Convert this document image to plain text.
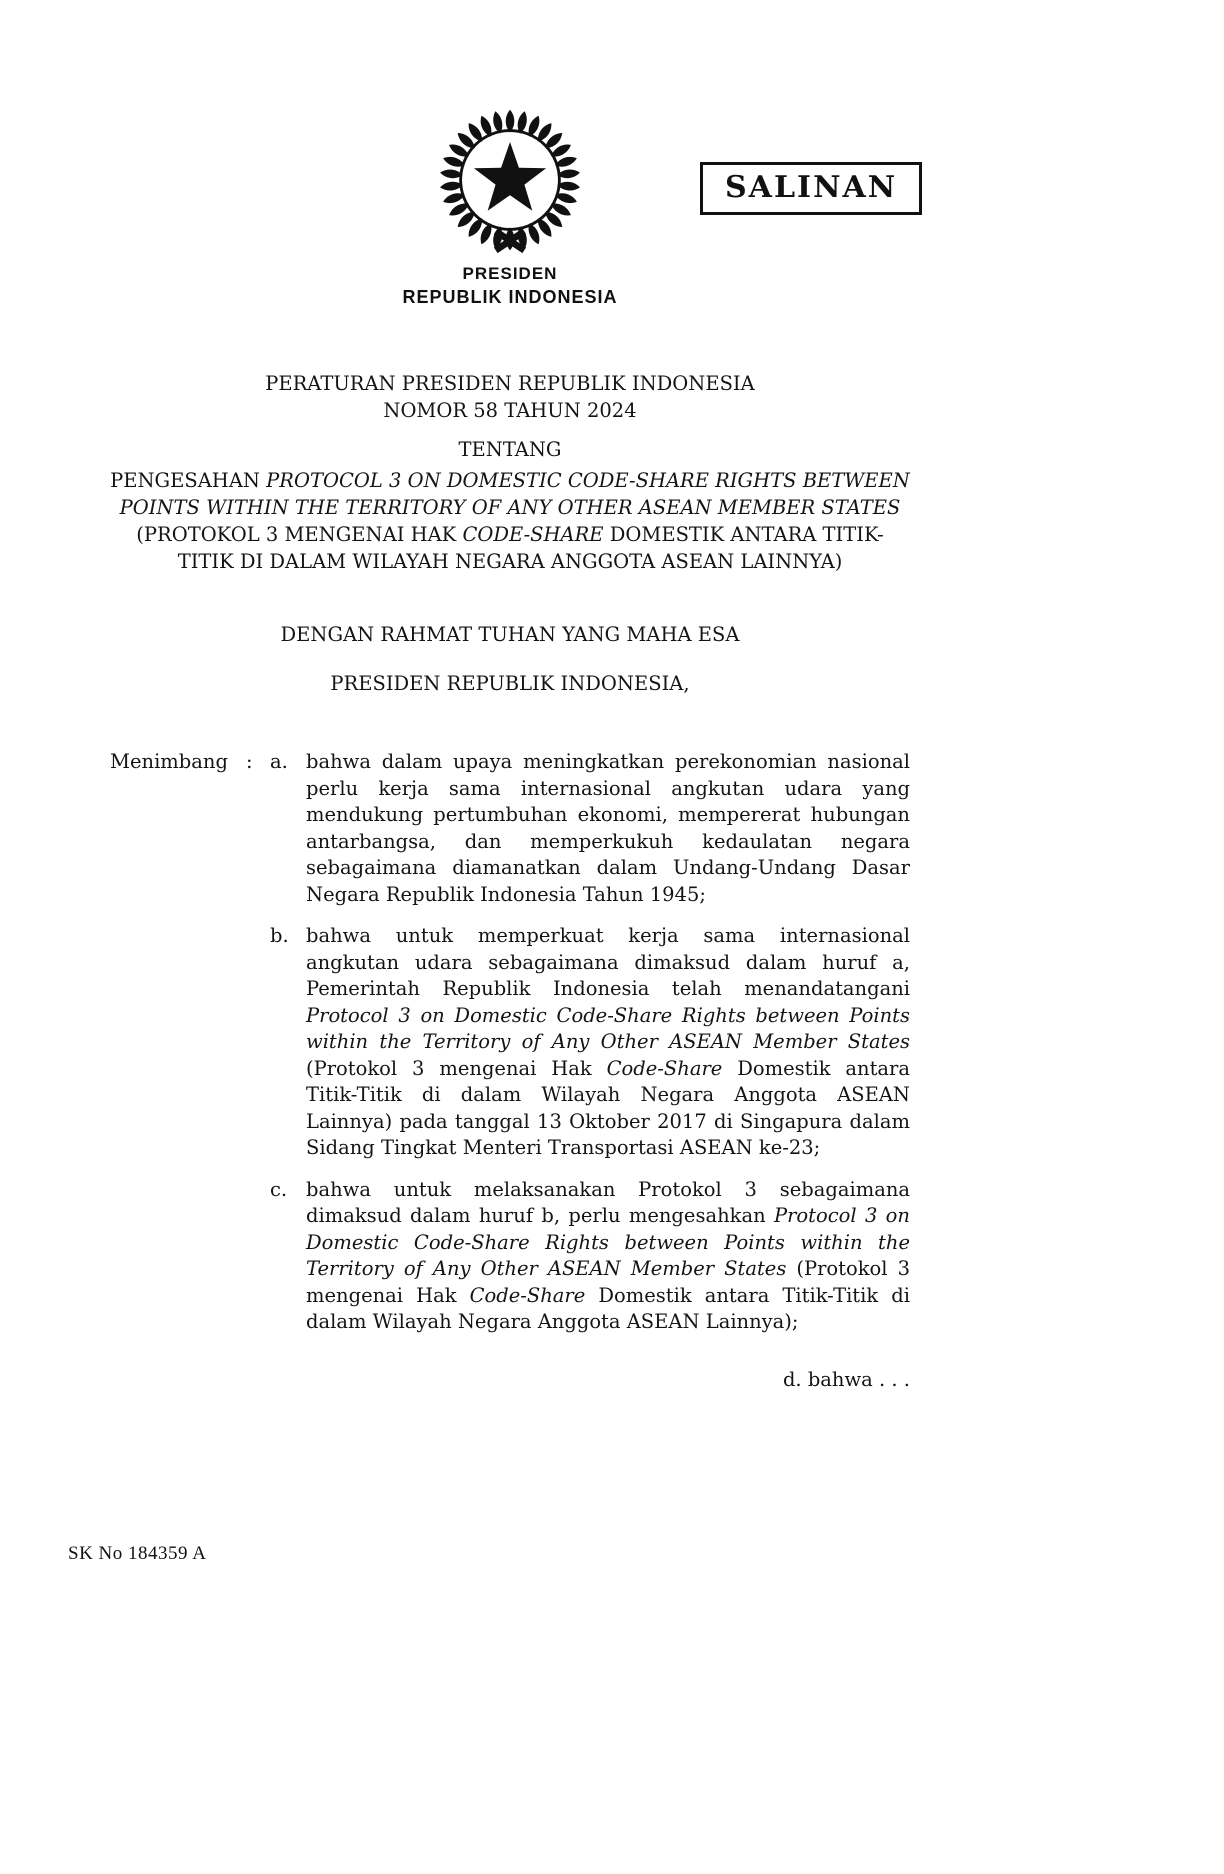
SALINAN
PRESIDEN
REPUBLIK INDONESIA
PERATURAN PRESIDEN REPUBLIK INDONESIA
NOMOR 58 TAHUN 2024
TENTANG
PENGESAHAN PROTOCOL 3 ON DOMESTIC CODE-SHARE RIGHTS BETWEEN POINTS WITHIN THE TERRITORY OF ANY OTHER ASEAN MEMBER STATES (PROTOKOL 3 MENGENAI HAK CODE-SHARE DOMESTIK ANTARA TITIK-TITIK DI DALAM WILAYAH NEGARA ANGGOTA ASEAN LAINNYA)
DENGAN RAHMAT TUHAN YANG MAHA ESA
PRESIDEN REPUBLIK INDONESIA,
Menimbang : a. bahwa dalam upaya meningkatkan perekonomian nasional perlu kerja sama internasional angkutan udara yang mendukung pertumbuhan ekonomi, mempererat hubungan antarbangsa, dan memperkukuh kedaulatan negara sebagaimana diamanatkan dalam Undang-Undang Dasar Negara Republik Indonesia Tahun 1945;
b. bahwa untuk memperkuat kerja sama internasional angkutan udara sebagaimana dimaksud dalam huruf a, Pemerintah Republik Indonesia telah menandatangani Protocol 3 on Domestic Code-Share Rights between Points within the Territory of Any Other ASEAN Member States (Protokol 3 mengenai Hak Code-Share Domestik antara Titik-Titik di dalam Wilayah Negara Anggota ASEAN Lainnya) pada tanggal 13 Oktober 2017 di Singapura dalam Sidang Tingkat Menteri Transportasi ASEAN ke-23;
c. bahwa untuk melaksanakan Protokol 3 sebagaimana dimaksud dalam huruf b, perlu mengesahkan Protocol 3 on Domestic Code-Share Rights between Points within the Territory of Any Other ASEAN Member States (Protokol 3 mengenai Hak Code-Share Domestik antara Titik-Titik di dalam Wilayah Negara Anggota ASEAN Lainnya);
d. bahwa . . .
SK No 184359 A
